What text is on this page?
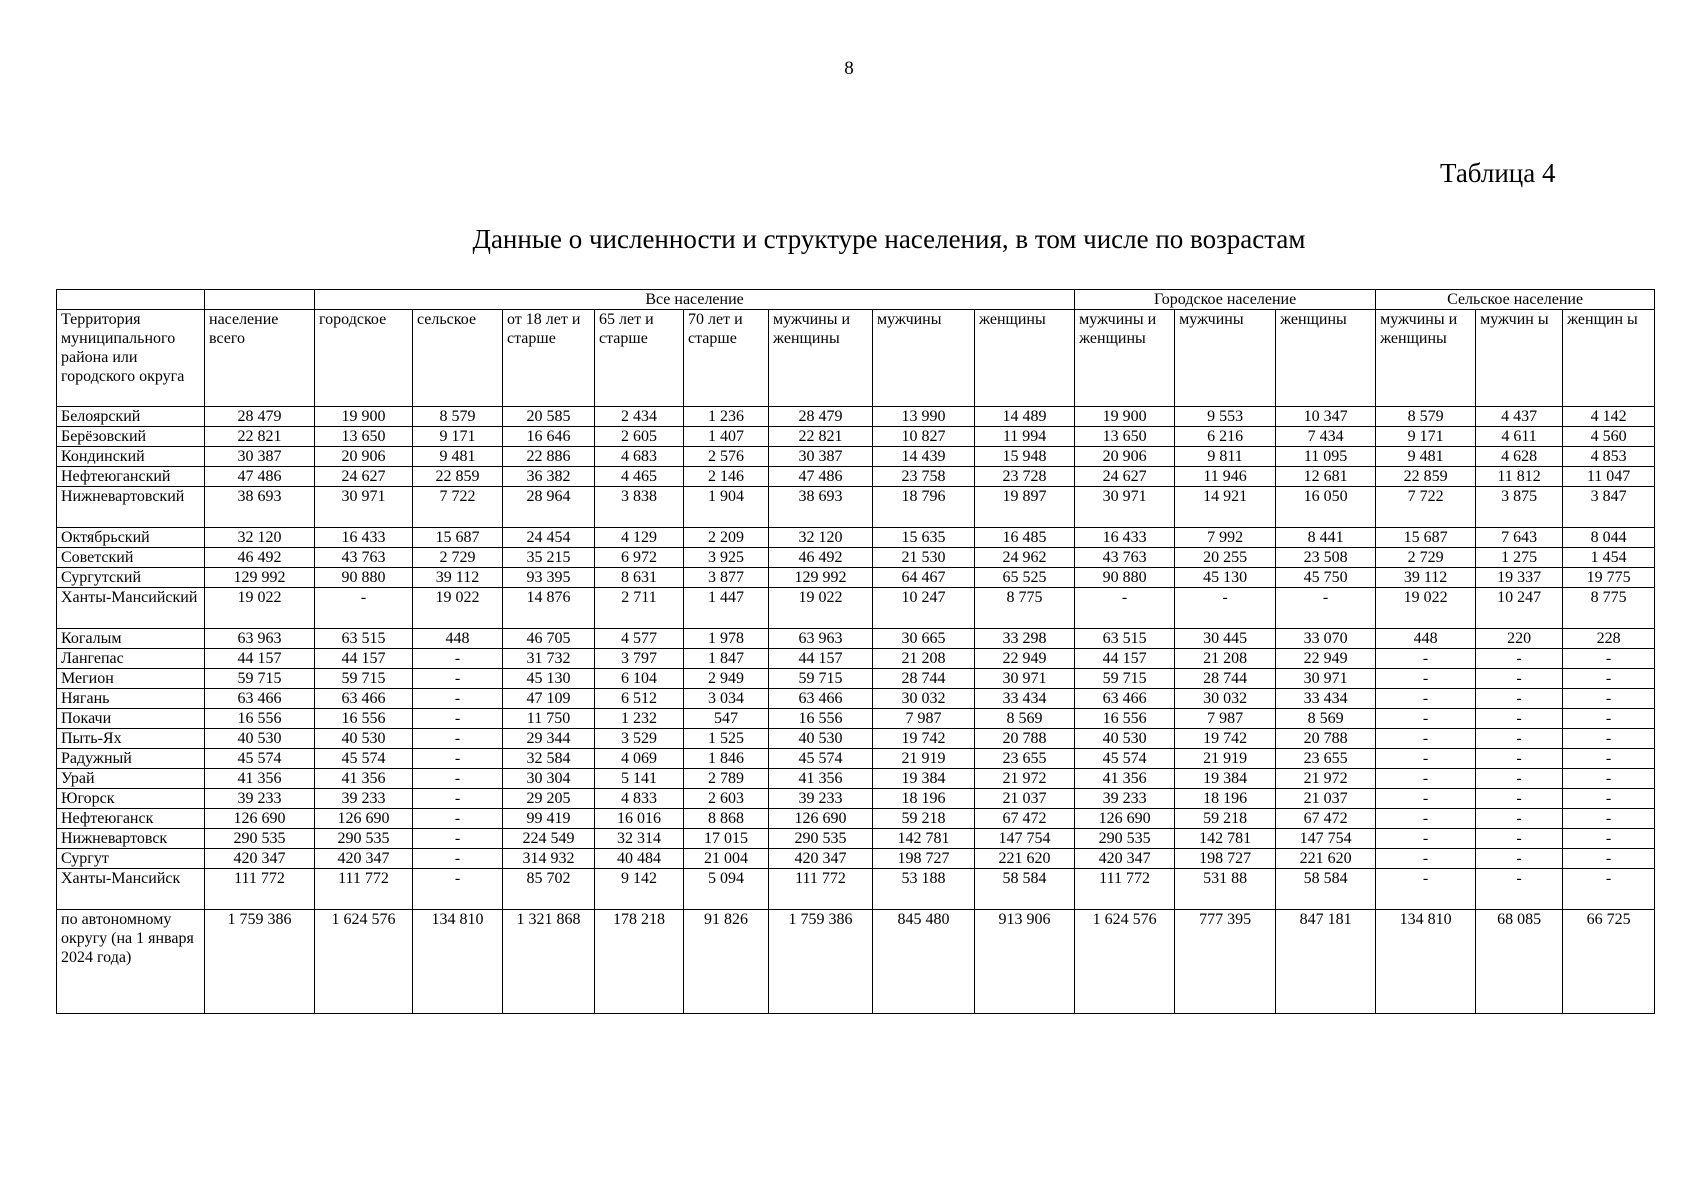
8
Таблица 4
Данные о численности и структуре населения, в том числе по возрастам
		Все население								Городское население			Сельское население		
Территория муниципального района или городского округа	население всего	городское	сельское	от 18 лет и старше	65 лет и старше	70 лет и старше	мужчины и женщины	мужчины	женщины	мужчины и женщины	мужчины	женщины	мужчины и женщины	мужчин ы	женщин ы
Белоярский	28 479	19 900	8 579	20 585	2 434	1 236	28 479	13 990	14 489	19 900	9 553	10 347	8 579	4 437	4 142
Берёзовский	22 821	13 650	9 171	16 646	2 605	1 407	22 821	10 827	11 994	13 650	6 216	7 434	9 171	4 611	4 560
Кондинский	30 387	20 906	9 481	22 886	4 683	2 576	30 387	14 439	15 948	20 906	9 811	11 095	9 481	4 628	4 853
Нефтеюганский	47 486	24 627	22 859	36 382	4 465	2 146	47 486	23 758	23 728	24 627	11 946	12 681	22 859	11 812	11 047
Нижневартовский	38 693	30 971	7 722	28 964	3 838	1 904	38 693	18 796	19 897	30 971	14 921	16 050	7 722	3 875	3 847
Октябрьский	32 120	16 433	15 687	24 454	4 129	2 209	32 120	15 635	16 485	16 433	7 992	8 441	15 687	7 643	8 044
Советский	46 492	43 763	2 729	35 215	6 972	3 925	46 492	21 530	24 962	43 763	20 255	23 508	2 729	1 275	1 454
Сургутский	129 992	90 880	39 112	93 395	8 631	3 877	129 992	64 467	65 525	90 880	45 130	45 750	39 112	19 337	19 775
Ханты-Мансийский	19 022	-	19 022	14 876	2 711	1 447	19 022	10 247	8 775	-	-	-	19 022	10 247	8 775
Когалым	63 963	63 515	448	46 705	4 577	1 978	63 963	30 665	33 298	63 515	30 445	33 070	448	220	228
Лангепас	44 157	44 157	-	31 732	3 797	1 847	44 157	21 208	22 949	44 157	21 208	22 949	-	-	-
Мегион	59 715	59 715	-	45 130	6 104	2 949	59 715	28 744	30 971	59 715	28 744	30 971	-	-	-
Нягань	63 466	63 466	-	47 109	6 512	3 034	63 466	30 032	33 434	63 466	30 032	33 434	-	-	-
Покачи	16 556	16 556	-	11 750	1 232	547	16 556	7 987	8 569	16 556	7 987	8 569	-	-	-
Пыть-Ях	40 530	40 530	-	29 344	3 529	1 525	40 530	19 742	20 788	40 530	19 742	20 788	-	-	-
Радужный	45 574	45 574	-	32 584	4 069	1 846	45 574	21 919	23 655	45 574	21 919	23 655	-	-	-
Урай	41 356	41 356	-	30 304	5 141	2 789	41 356	19 384	21 972	41 356	19 384	21 972	-	-	-
Югорск	39 233	39 233	-	29 205	4 833	2 603	39 233	18 196	21 037	39 233	18 196	21 037	-	-	-
Нефтеюганск	126 690	126 690	-	99 419	16 016	8 868	126 690	59 218	67 472	126 690	59 218	67 472	-	-	-
Нижневартовск	290 535	290 535	-	224 549	32 314	17 015	290 535	142 781	147 754	290 535	142 781	147 754	-	-	-
Сургут	420 347	420 347	-	314 932	40 484	21 004	420 347	198 727	221 620	420 347	198 727	221 620	-	-	-
Ханты-Мансийск	111 772	111 772	-	85 702	9 142	5 094	111 772	53 188	58 584	111 772	531 88	58 584	-	-	-
по автономному округу (на 1 января 2024 года)	1 759 386	1 624 576	134 810	1 321 868	178 218	91 826	1 759 386	845 480	913 906	1 624 576	777 395	847 181	134 810	68 085	66 725
